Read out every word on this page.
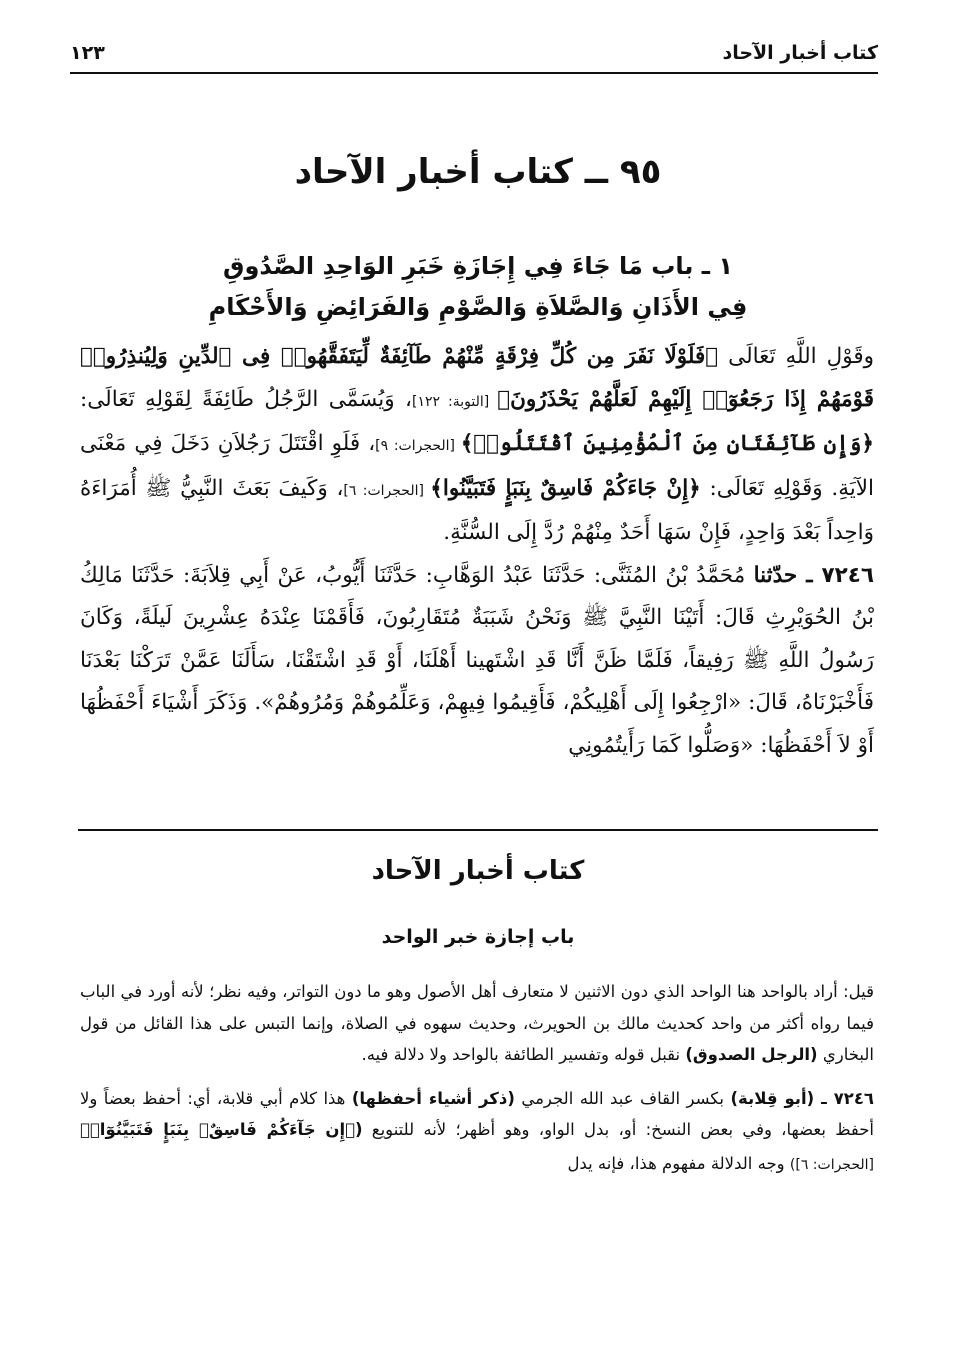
كتاب أخبار الآحاد
١٢٣
٩٥ ــ كتاب أخبار الآحاد
١ ـ باب مَا جَاءَ فِي إِجَازَةِ خَبَرِ الوَاحِدِ الصَّدُوقِ
فِي الأَذَانِ وَالصَّلاَةِ وَالصَّوْمِ وَالفَرَائِضِ وَالأَحْكَامِ

وقَوْلِ اللَّهِ تَعَالَى ﴿فَلَوْلَا نَفَرَ مِن كُلِّ فِرْقَةٍ مِّنْهُمْ طَآئِفَةٌ لِّيَتَفَقَّهُوا۟ فِى ٱلدِّينِ وَلِيُنذِرُوا۟ قَوْمَهُمْ إِذَا رَجَعُوٓا۟ إِلَيْهِمْ لَعَلَّهُمْ يَحْذَرُونَ﴾ [التوبة: ١٢٢]، وَيُسَمَّى الرَّجُلُ طَائِفَةً لِقَوْلِهِ تَعَالَى: ﴿وَإِن طَآئِفَتَانِ مِنَ ٱلْمُؤْمِنِينَ ٱقْتَتَلُوا۟﴾ [الحجرات: ٩]، فَلَوِ اقْتَتَلَ رَجُلاَنِ دَخَلَ فِي مَعْنَى الآيَةِ. وَقَوْلِهِ تَعَالَى: ﴿إِنْ جَاءَكُمْ فَاسِقٌ بِنَبَإٍ فَتَبَيَّنُوا﴾ [الحجرات: ٦]، وَكَيفَ بَعَثَ النَّبِيُّ ﷺ أُمَرَاءَهُ وَاحِداً بَعْدَ وَاحِدٍ، فَإِنْ سَهَا أَحَدٌ مِنْهُمْ رُدَّ إِلَى السُّنَّةِ.

٧٢٤٦ ـ حدّثنا مُحَمَّدُ بْنُ المُثَنَّى: حَدَّثَنَا عَبْدُ الوَهَّابِ: حَدَّثَنَا أَيُّوبُ، عَنْ أَبِي قِلاَبَةَ: حَدَّثَنَا مَالِكُ بْنُ الحُوَيْرِثِ قَالَ: أَتَيْنَا النَّبِيَّ ﷺ وَنَحْنُ شَبَبَةٌ مُتَقَارِبُونَ، فَأَقَمْنَا عِنْدَهُ عِشْرِينَ لَيلَةً، وَكَانَ رَسُولُ اللَّهِ ﷺ رَفِيقاً، فَلَمَّا ظَنَّ أَنَّا قَدِ اشْتَهينا أَهْلَنَا، أَوْ قَدِ اشْتَقْنَا، سَأَلَنَا عَمَّنْ تَرَكْنَا بَعْدَنَا فَأَخْبَرْنَاهُ، قَالَ: «ارْجِعُوا إِلَى أَهْلِيكُمْ، فَأَقِيمُوا فِيهِمْ، وَعَلِّمُوهُمْ وَمُرُوهُمْ». وَذَكَرَ أَشْيَاءَ أَحْفَظُهَا أَوْ لاَ أَحْفَظُهَا: «وَصَلُّوا كَمَا رَأَيتُمُونِي

كتاب أخبار الآحاد
باب إجازة خبر الواحد

قيل: أراد بالواحد هنا الواحد الذي دون الاثنين لا متعارف أهل الأصول وهو ما دون التواتر، وفيه نظر؛ لأنه أورد في الباب فيما رواه أكثر من واحد كحديث مالك بن الحويرث، وحديث سهوه في الصلاة، وإنما التبس على هذا القائل من قول البخاري (الرجل الصدوق) نقبل قوله وتفسير الطائفة بالواحد ولا دلالة فيه.

٧٢٤٦ ـ (أبو قِلابة) بكسر القاف عبد الله الجرمي (ذكر أشياء أحفظها) هذا كلام أبي قلابة، أي: أحفظ بعضاً ولا أحفظ بعضها، وفي بعض النسخ: أو، بدل الواو، وهو أظهر؛ لأنه للتنويع (﴿إِن جَآءَكُمْ فَاسِقٌۢ بِنَبَإٍ فَتَبَيَّنُوٓا۟﴾ [الحجرات: ٦]) وجه الدلالة مفهوم هذا، فإنه يدل
